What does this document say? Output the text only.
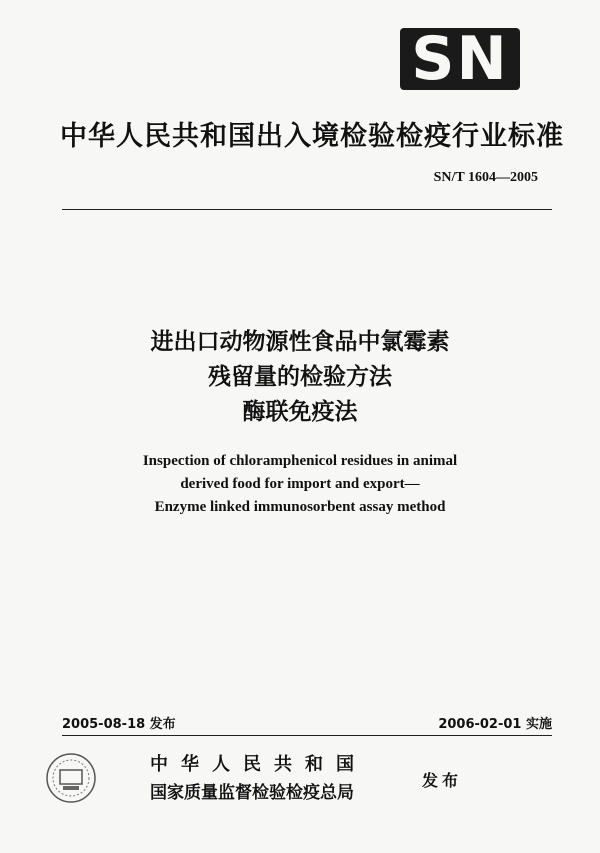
SN
中华人民共和国出入境检验检疫行业标准
SN/T 1604—2005
进出口动物源性食品中氯霉素
残留量的检验方法
酶联免疫法
Inspection of chloramphenicol residues in animal
derived food for import and export—
Enzyme linked immunosorbent assay method
2005-08-18 发布	2006-02-01 实施
中华人民共和国
国家质量监督检验检疫总局
发布
